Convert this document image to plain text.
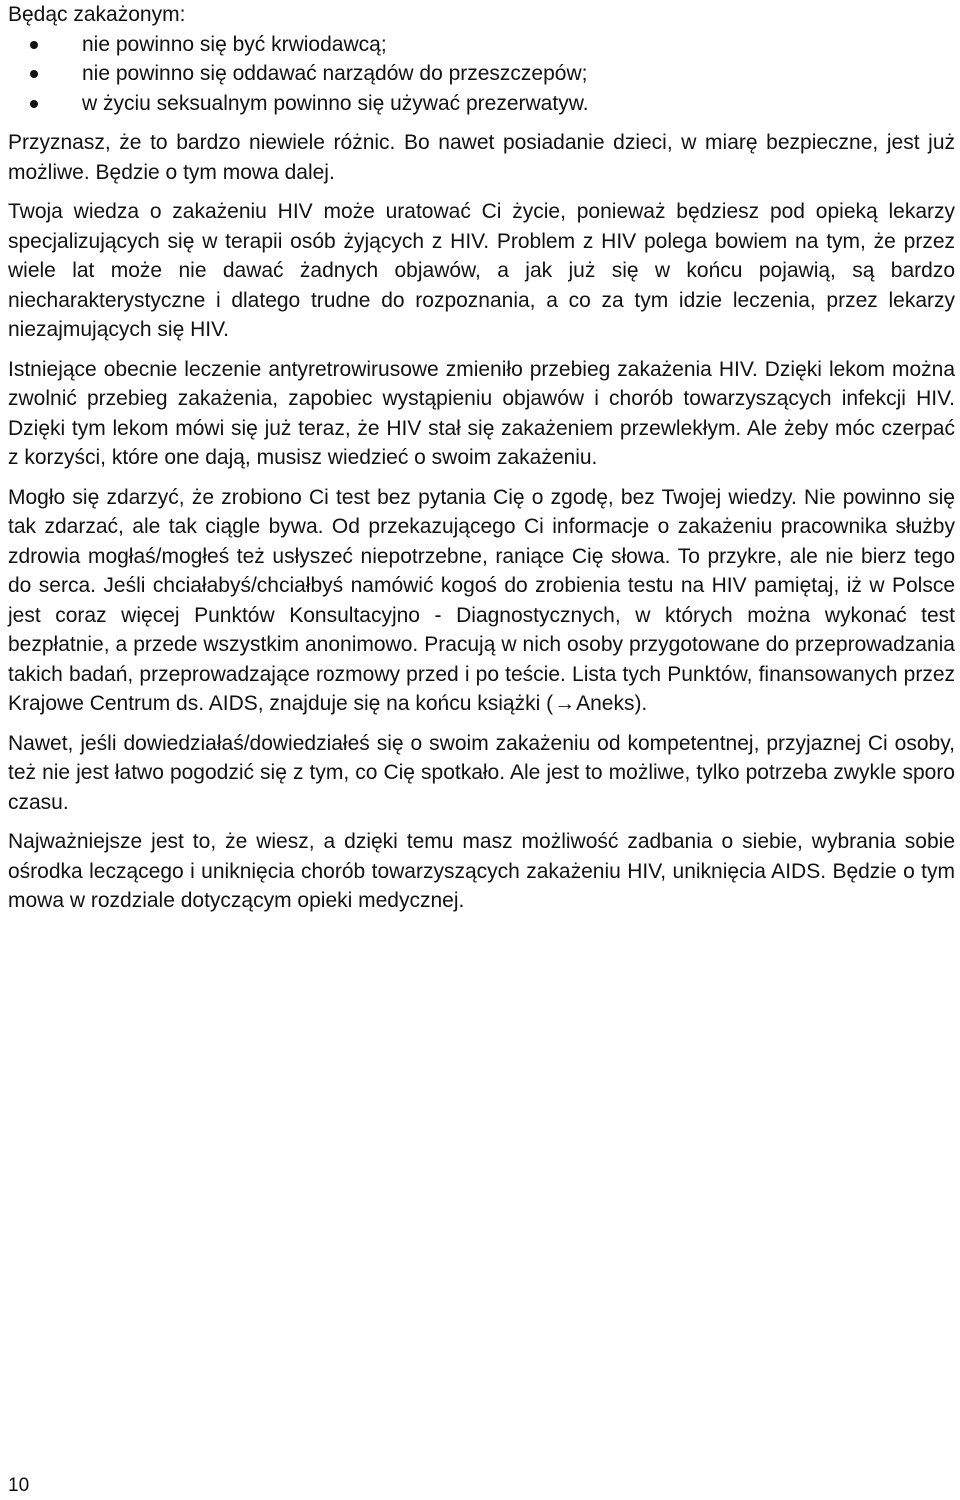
Będąc zakażonym:

nie powinno się być krwiodawcą;
nie powinno się oddawać narządów do przeszczepów;
w życiu seksualnym powinno się używać prezerwatyw.

Przyznasz, że to bardzo niewiele różnic. Bo nawet posiadanie dzieci, w miarę bezpieczne, jest już możliwe. Będzie o tym mowa dalej.

Twoja wiedza o zakażeniu HIV może uratować Ci życie, ponieważ będziesz pod opieką lekarzy specjalizujących się w terapii osób żyjących z HIV. Problem z HIV polega bowiem na tym, że przez wiele lat może nie dawać żadnych objawów, a jak już się w końcu pojawią, są bardzo niecharakterystyczne i dlatego trudne do rozpoznania, a co za tym idzie leczenia, przez lekarzy niezajmujących się HIV.

Istniejące obecnie leczenie antyretrowirusowe zmieniło przebieg zakażenia HIV. Dzięki lekom można zwolnić przebieg zakażenia, zapobiec wystąpieniu objawów i chorób towarzyszących infekcji HIV. Dzięki tym lekom mówi się już teraz, że HIV stał się zakażeniem przewlekłym. Ale żeby móc czerpać z korzyści, które one dają, musisz wiedzieć o swoim zakażeniu.

Mogło się zdarzyć, że zrobiono Ci test bez pytania Cię o zgodę, bez Twojej wiedzy. Nie powinno się tak zdarzać, ale tak ciągle bywa. Od przekazującego Ci informacje o zakażeniu pracownika służby zdrowia mogłaś/mogłeś też usłyszeć niepotrzebne, raniące Cię słowa. To przykre, ale nie bierz tego do serca. Jeśli chciałabyś/chciałbyś namówić kogoś do zrobienia testu na HIV pamiętaj, iż w Polsce jest coraz więcej Punktów Konsultacyjno - Diagnostycznych, w których można wykonać test bezpłatnie, a przede wszystkim anonimowo. Pracują w nich osoby przygotowane do przeprowadzania takich badań, przeprowadzające rozmowy przed i po teście. Lista tych Punktów, finansowanych przez Krajowe Centrum ds. AIDS, znajduje się na końcu książki (→Aneks).

Nawet, jeśli dowiedziałaś/dowiedziałeś się o swoim zakażeniu od kompetentnej, przyjaznej Ci osoby, też nie jest łatwo pogodzić się z tym, co Cię spotkało. Ale jest to możliwe, tylko potrzeba zwykle sporo czasu.

Najważniejsze jest to, że wiesz, a dzięki temu masz możliwość zadbania o siebie, wybrania sobie ośrodka leczącego i uniknięcia chorób towarzyszących zakażeniu HIV, uniknięcia AIDS. Będzie o tym mowa w rozdziale dotyczącym opieki medycznej.

10
